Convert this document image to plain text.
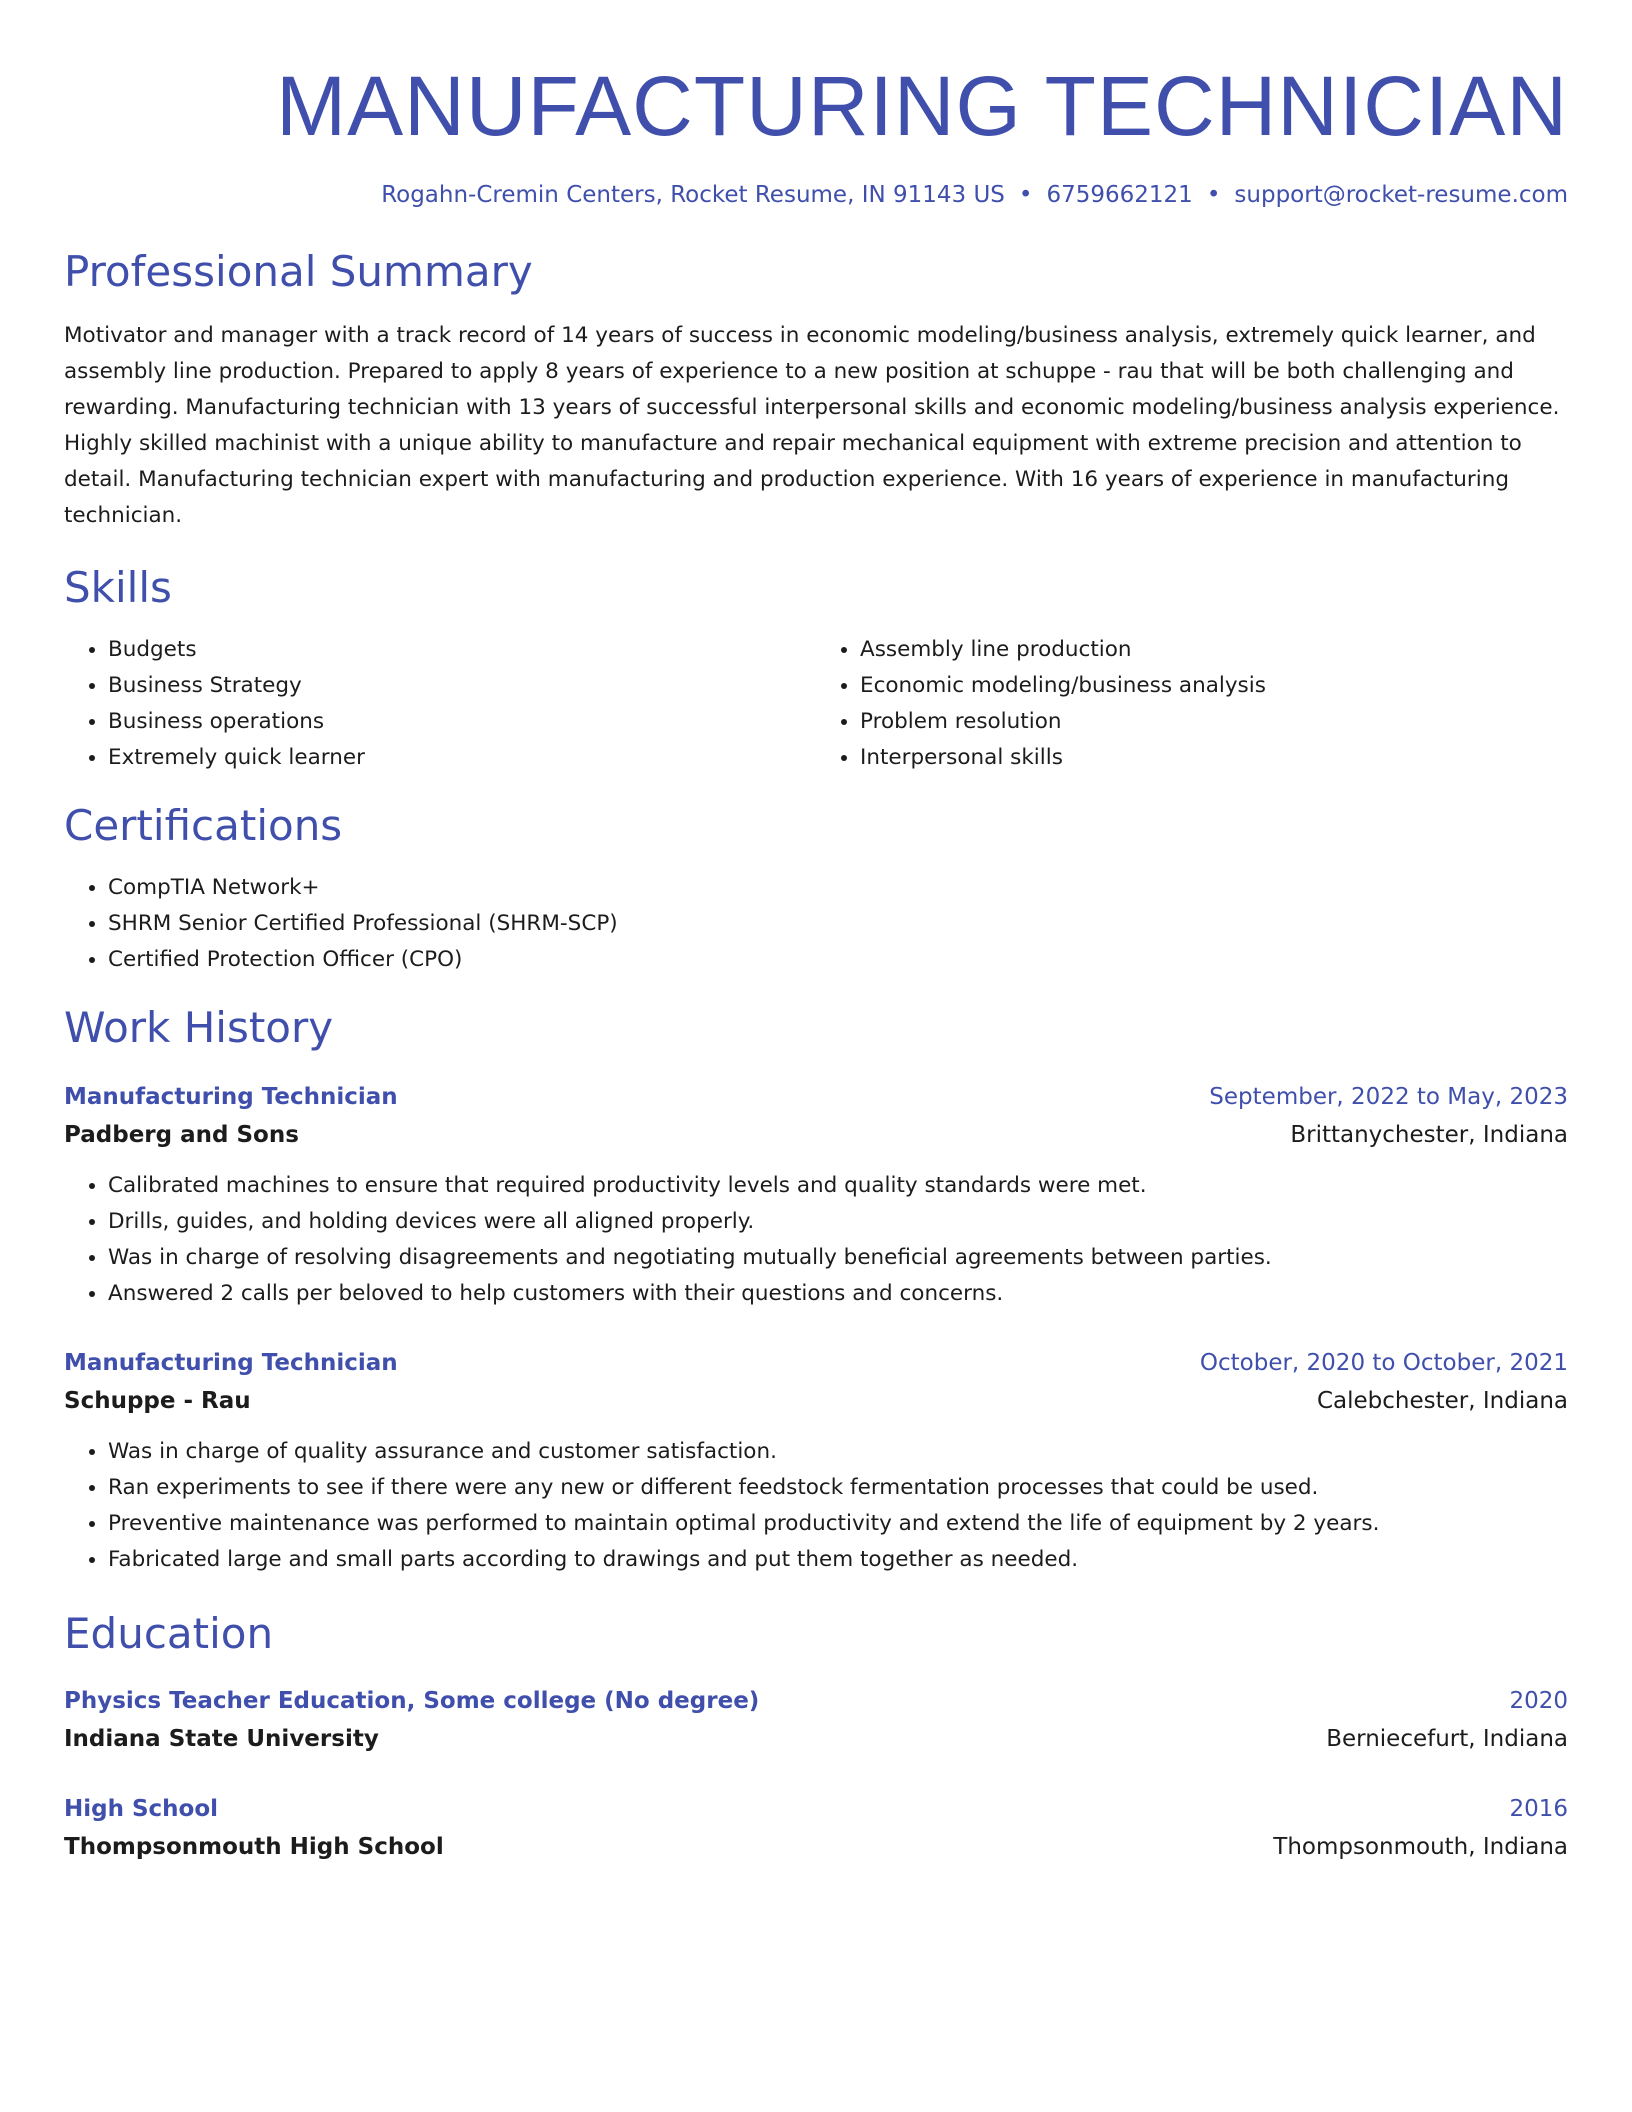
MANUFACTURING TECHNICIAN
Rogahn-Cremin Centers, Rocket Resume, IN 91143 US • 6759662121 • support@rocket-resume.com
Professional Summary

Motivator and manager with a track record of 14 years of success in economic modeling/business analysis, extremely quick learner, and assembly line production. Prepared to apply 8 years of experience to a new position at schuppe - rau that will be both challenging and rewarding. Manufacturing technician with 13 years of successful interpersonal skills and economic modeling/business analysis experience. Highly skilled machinist with a unique ability to manufacture and repair mechanical equipment with extreme precision and attention to detail. Manufacturing technician expert with manufacturing and production experience. With 16 years of experience in manufacturing technician.

Skills
• Budgets
• Business Strategy
• Business operations
• Extremely quick learner
• Assembly line production
• Economic modeling/business analysis
• Problem resolution
• Interpersonal skills
Certifications
• CompTIA Network+
• SHRM Senior Certified Professional (SHRM-SCP)
• Certified Protection Officer (CPO)
Work History
Manufacturing Technician	September, 2022 to May, 2023
Padberg and Sons	Brittanychester, Indiana
• Calibrated machines to ensure that required productivity levels and quality standards were met.
• Drills, guides, and holding devices were all aligned properly.
• Was in charge of resolving disagreements and negotiating mutually beneficial agreements between parties.
• Answered 2 calls per beloved to help customers with their questions and concerns.
Manufacturing Technician	October, 2020 to October, 2021
Schuppe - Rau	Calebchester, Indiana
• Was in charge of quality assurance and customer satisfaction.
• Ran experiments to see if there were any new or different feedstock fermentation processes that could be used.
• Preventive maintenance was performed to maintain optimal productivity and extend the life of equipment by 2 years.
• Fabricated large and small parts according to drawings and put them together as needed.
Education
Physics Teacher Education, Some college (No degree)	2020
Indiana State University	Berniecefurt, Indiana
High School	2016
Thompsonmouth High School	Thompsonmouth, Indiana
